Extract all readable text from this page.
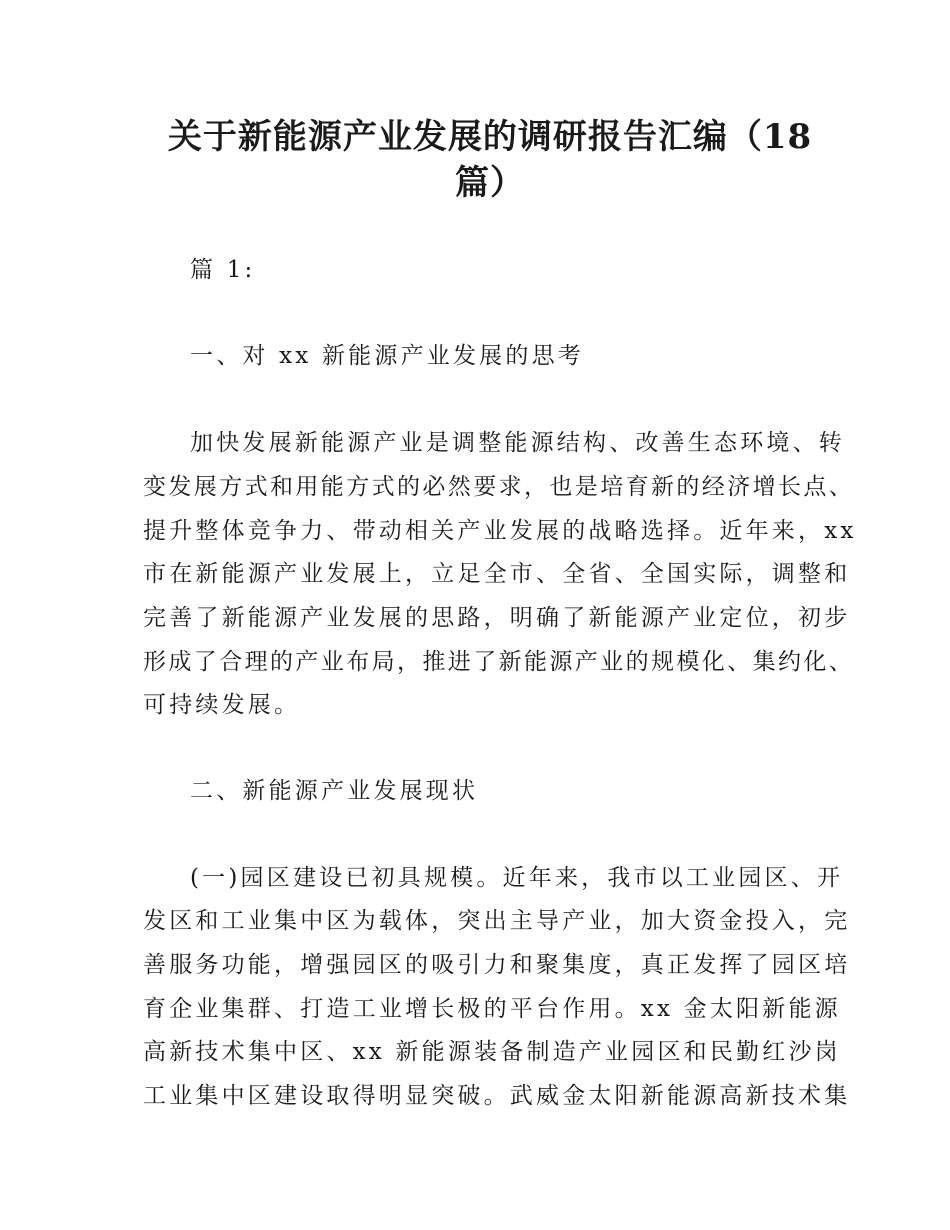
关于新能源产业发展的调研报告汇编（18
篇）
篇 1:
一、对 xx 新能源产业发展的思考
加快发展新能源产业是调整能源结构、改善生态环境、转
变发展方式和用能方式的必然要求，也是培育新的经济增长点、
提升整体竞争力、带动相关产业发展的战略选择。近年来，xx
市在新能源产业发展上，立足全市、全省、全国实际，调整和
完善了新能源产业发展的思路，明确了新能源产业定位，初步
形成了合理的产业布局，推进了新能源产业的规模化、集约化、
可持续发展。
二、新能源产业发展现状
(一)园区建设已初具规模。近年来，我市以工业园区、开
发区和工业集中区为载体，突出主导产业，加大资金投入，完
善服务功能，增强园区的吸引力和聚集度，真正发挥了园区培
育企业集群、打造工业增长极的平台作用。xx 金太阳新能源
高新技术集中区、xx 新能源装备制造产业园区和民勤红沙岗
工业集中区建设取得明显突破。武威金太阳新能源高新技术集
